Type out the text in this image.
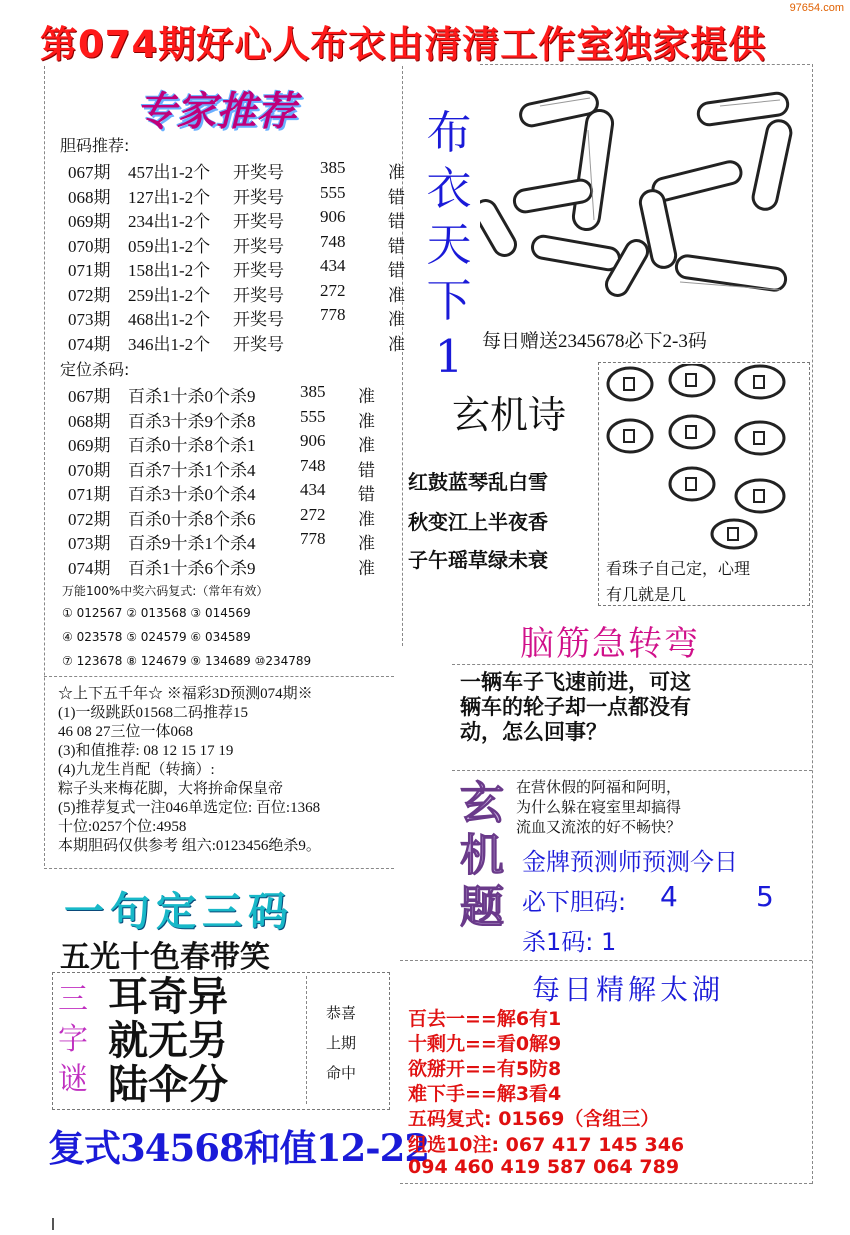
97654.com
第074期好心人布衣由清清工作室独家提供
专家推荐
胆码推荐:
067期 457出1-2个 开奖号 385	准
068期 127出1-2个 开奖号 555	错
069期 234出1-2个 开奖号 906	错
070期 059出1-2个 开奖号 748	错
071期 158出1-2个 开奖号 434	错
072期 259出1-2个 开奖号 272	准
073期 468出1-2个 开奖号 778	准
074期 346出1-2个 开奖号	准
定位杀码:
067期 百杀1十杀0个杀9	385 准
068期 百杀3十杀9个杀8	555 准
069期 百杀0十杀8个杀1	906 准
070期 百杀7十杀1个杀4	748 错
071期 百杀3十杀0个杀4	434 错
072期 百杀0十杀8个杀6	272 准
073期 百杀9十杀1个杀4	778 准
074期 百杀1十杀6个杀9	准
万能100%中奖六码复式:（常年有效）
① 012567 ② 013568 ③ 014569
④ 023578 ⑤ 024579 ⑥ 034589
⑦ 123678 ⑧ 124679 ⑨ 134689 ⑩234789
☆上下五千年☆ ※福彩3D预测074期※
(1)一级跳跃01568二码推荐15
46 08 27三位一体068
(3)和值推荐: 08 12 15 17 19
(4)九龙生肖配（转摘）:
粽子头来梅花脚，大将拚命保皇帝
(5)推荐复式一注046单选定位: 百位:1368
十位:0257个位:4958
本期胆码仅供参考 组六:0123456绝杀9。
一句定三码
五光十色春带笑
三字谜
耳奇异
就无另
陆伞分
恭喜
上期
命中
复式34568和值12-22
布衣天下1 每日赠送2345678必下2-3码
玄机诗
红鼓蓝琴乱白雪
秋变江上半夜香
子午瑶草绿未衰	看珠子自己定，心理
有几就是几
脑筋急转弯
一辆车子飞速前进，可这
辆车的轮子却一点都没有
动，怎么回事？
玄机题
在营休假的阿福和阿明，
为什么躲在寝室里却搞得
流血又流浓的好不畅快？
金牌预测师预测今日
必下胆码: 4	5
杀1码: 1
每日精解太湖
百去一==解6有1
十剩九==看0解9
欲掰开==有5防8
难下手==解3看4
五码复式: 01569（含组三）
组选10注: 067 417 145 346
094 460 419 587 064 789
